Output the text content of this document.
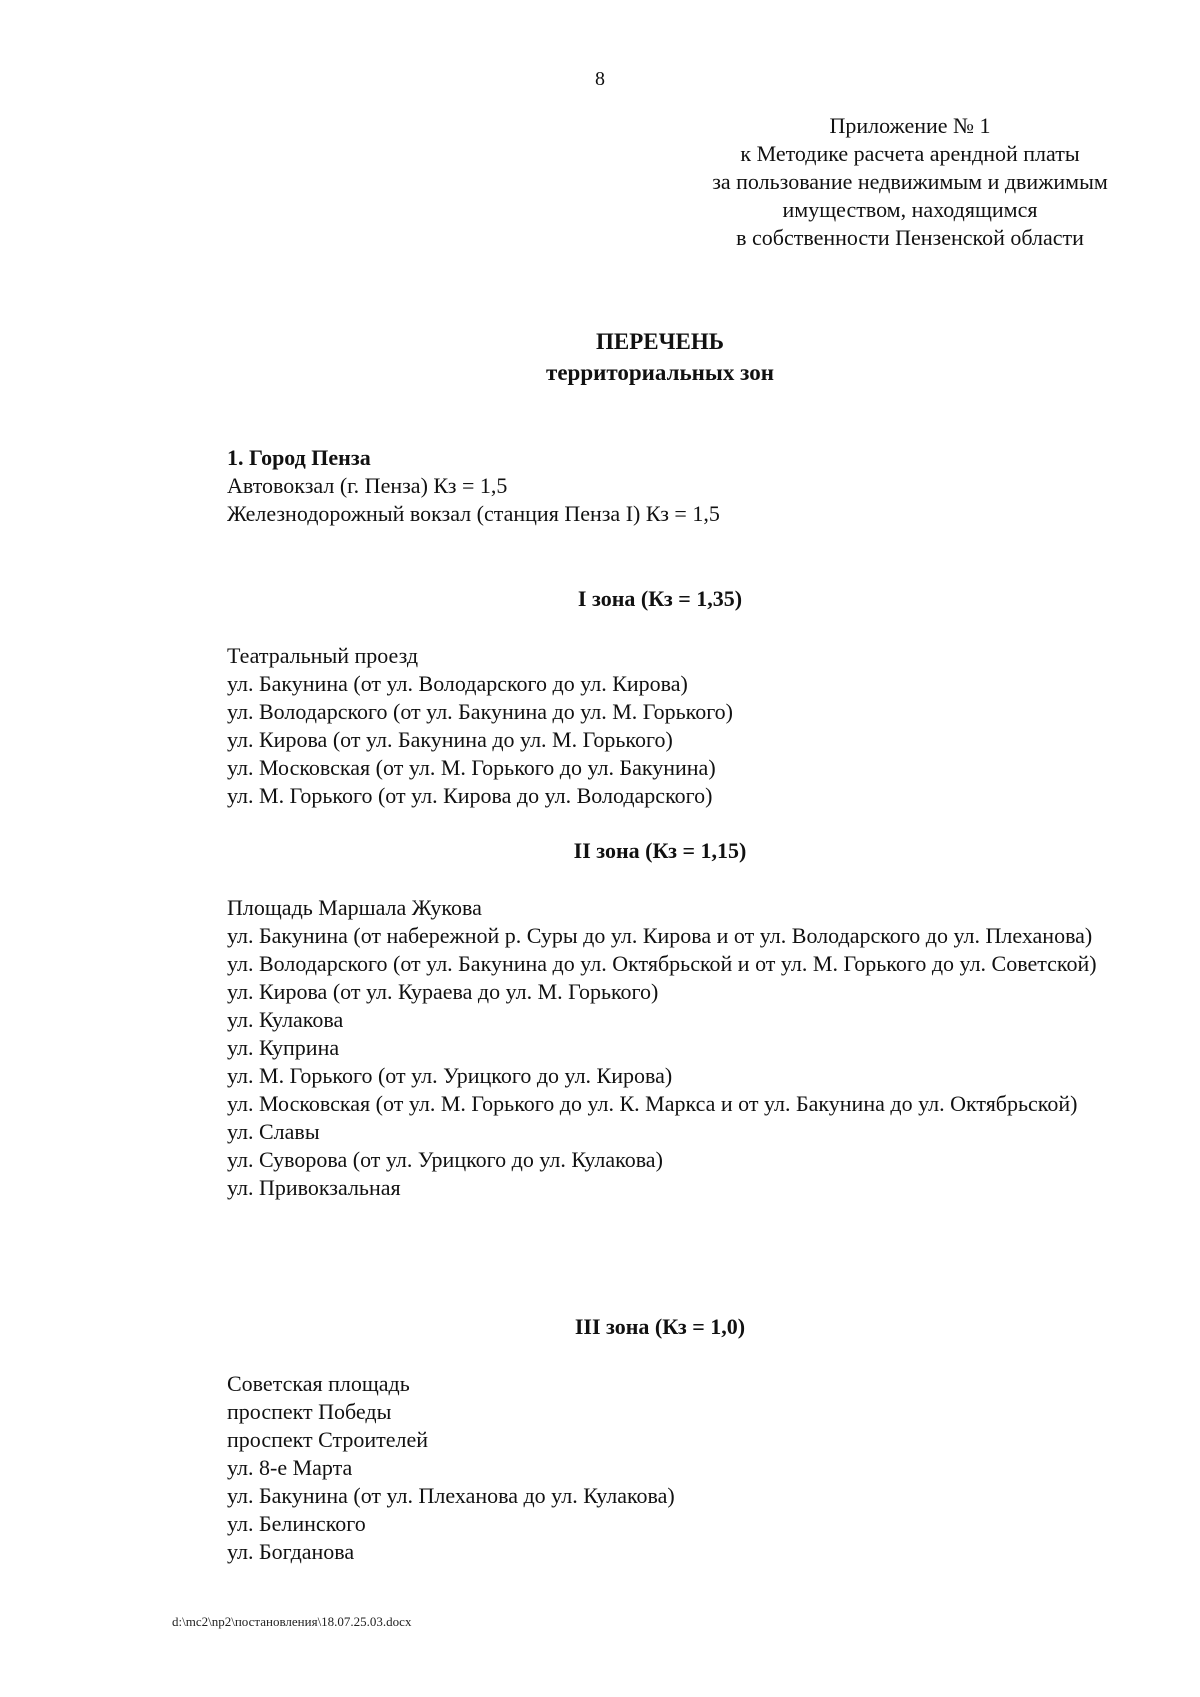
8
Приложение № 1
к Методике расчета арендной платы
за пользование недвижимым и движимым
имуществом, находящимся
в собственности Пензенской области
ПЕРЕЧЕНЬ
территориальных зон
1. Город Пенза
Автовокзал (г. Пенза) Кз = 1,5
Железнодорожный вокзал (станция Пенза I) Кз = 1,5
I зона (Кз = 1,35)
Театральный проезд
ул. Бакунина (от ул. Володарского до ул. Кирова)
ул. Володарского (от ул. Бакунина до ул. М. Горького)
ул. Кирова (от ул. Бакунина до ул. М. Горького)
ул. Московская (от ул. М. Горького до ул. Бакунина)
ул. М. Горького (от ул. Кирова до ул. Володарского)
II зона (Кз = 1,15)
Площадь Маршала Жукова
ул. Бакунина (от набережной р. Суры до ул. Кирова и от ул. Володарского до ул. Плеханова)
ул. Володарского (от ул. Бакунина до ул. Октябрьской и от ул. М. Горького до ул. Советской)
ул. Кирова (от ул. Кураева до ул. М. Горького)
ул. Кулакова
ул. Куприна
ул. М. Горького (от ул. Урицкого до ул. Кирова)
ул. Московская (от ул. М. Горького до ул. К. Маркса и от ул. Бакунина до ул. Октябрьской)
ул. Славы
ул. Суворова (от ул. Урицкого до ул. Кулакова)
ул. Привокзальная
III зона (Кз = 1,0)
Советская площадь
проспект Победы
проспект Строителей
ул. 8-е Марта
ул. Бакунина (от ул. Плеханова до ул. Кулакова)
ул. Белинского
ул. Богданова
d:\mc2\np2\постановления\18.07.25.03.docx
